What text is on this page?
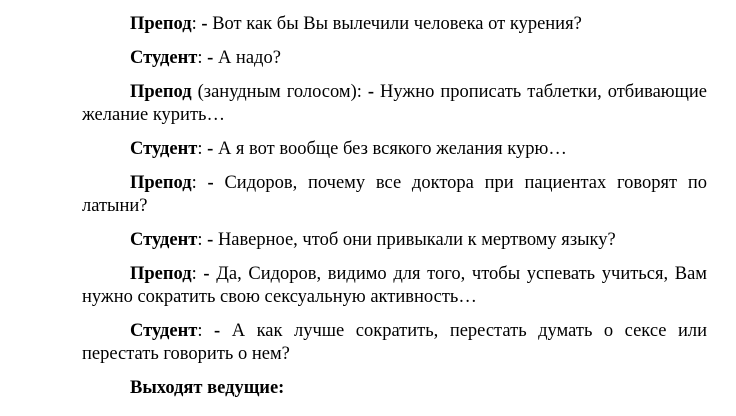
Препод: - Вот как бы Вы вылечили человека от курения?

Студент: - А надо?

Препод (занудным голосом): - Нужно прописать таблетки, отбивающие желание курить…

Студент: - А я вот вообще без всякого желания курю…

Препод: - Сидоров, почему все доктора при пациентах говорят по латыни?

Студент: - Наверное, чтоб они привыкали к мертвому языку?

Препод: - Да, Сидоров, видимо для того, чтобы успевать учиться, Вам нужно сократить свою сексуальную активность…

Студент: - А как лучше сократить, перестать думать о сексе или перестать говорить о нем?

Выходят ведущие:
